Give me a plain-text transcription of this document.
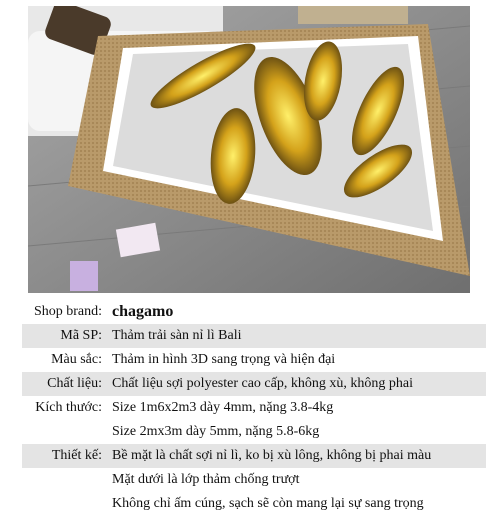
Shop brand: chagamo
Mã SP: Thảm trải sàn nỉ lì Bali
Màu sắc: Thảm in hình 3D sang trọng và hiện đại
Chất liệu: Chất liệu sợi polyester cao cấp, không xù, không phai
Kích thước: Size 1m6x2m3 dày 4mm, nặng 3.8-4kg
Size 2mx3m dày 5mm, nặng 5.8-6kg
Thiết kế: Bề mặt là chất sợi nỉ lì, ko bị xù lông, không bị phai màu
Mặt dưới là lớp thảm chống trượt
Không chỉ ấm cúng, sạch sẽ còn mang lại sự sang trọng
